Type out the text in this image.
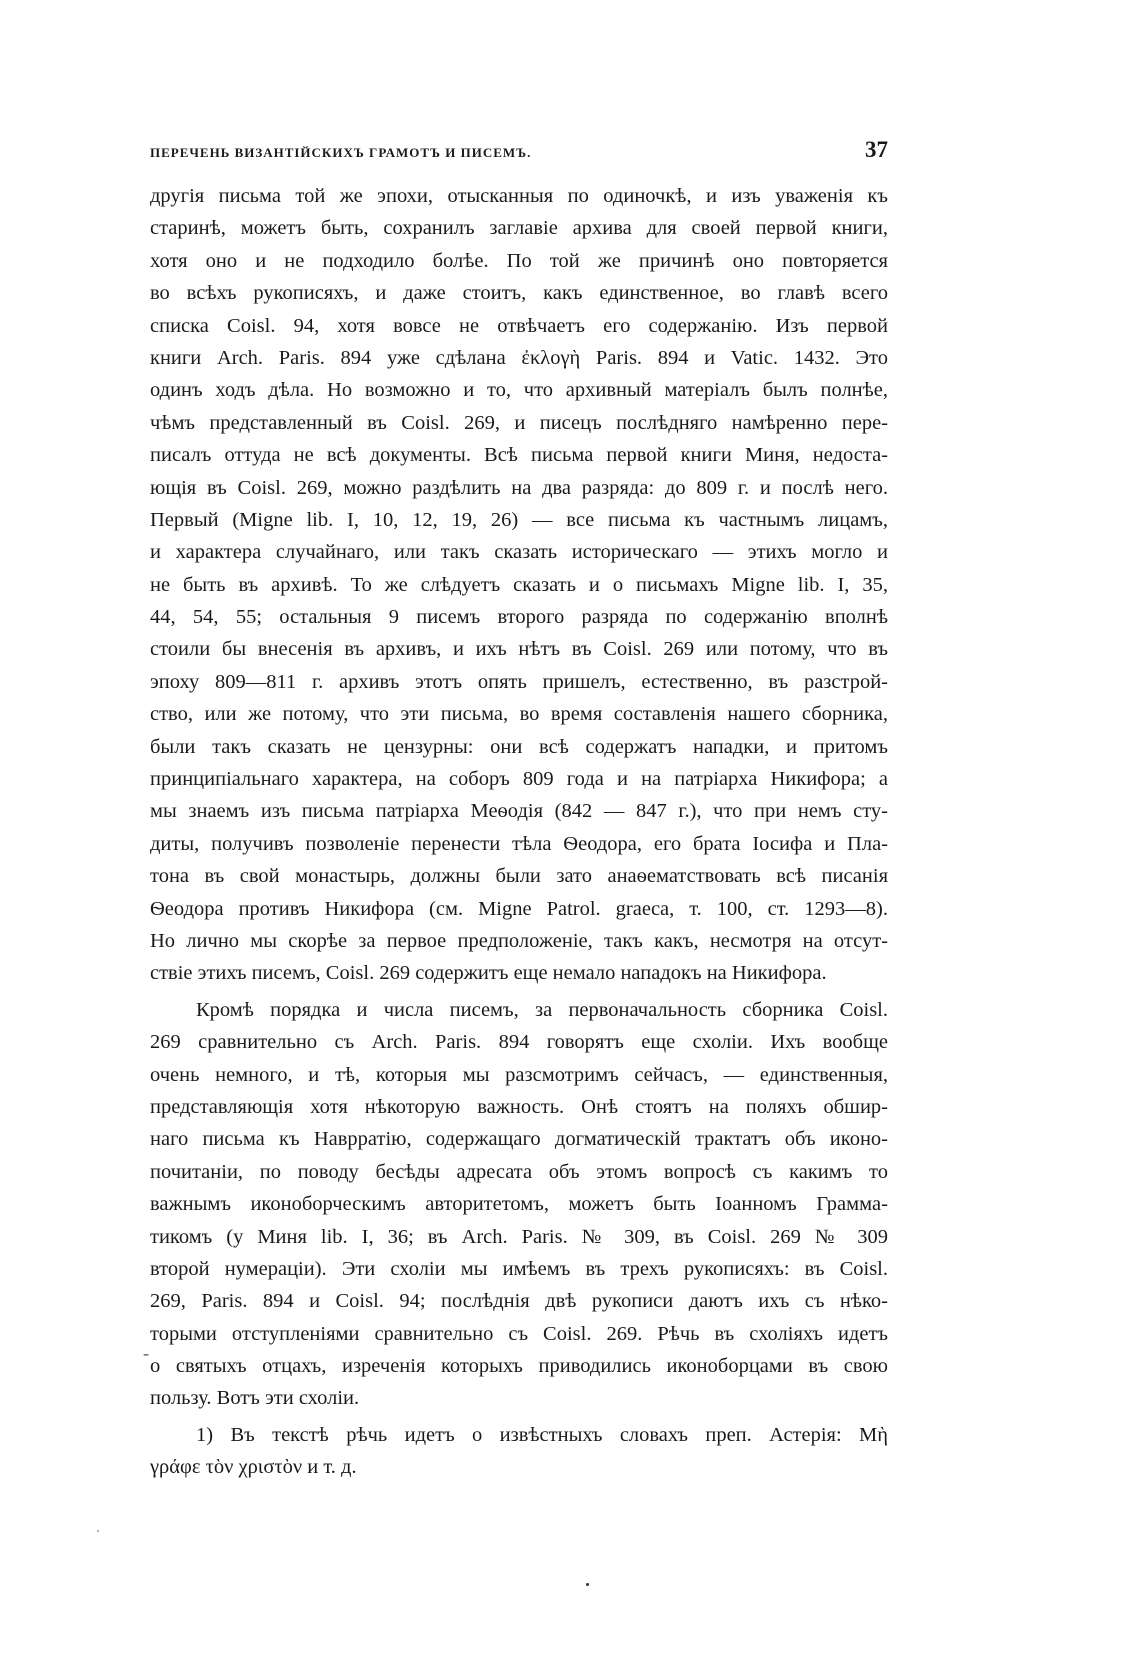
ПЕРЕЧЕНЬ ВИЗАНТІЙСКИХЪ ГРАМОТЪ И ПИСЕМЪ.	37
другія письма той же эпохи, отысканныя по одиночкѣ, и изъ уваженія къ
старинѣ, можетъ быть, сохранилъ заглавіе архива для своей первой книги,
хотя оно и не подходило болѣе. По той же причинѣ оно повторяется
во всѣхъ рукописяхъ, и даже стоитъ, какъ единственное, во главѣ всего
списка Coisl. 94, хотя вовсе не отвѣчаетъ его содержанію. Изъ первой
книги Arch. Paris. 894 уже сдѣлана ἐκλογὴ Paris. 894 и Vatic. 1432. Это
одинъ ходъ дѣла. Но возможно и то, что архивный матеріалъ былъ полнѣе,
чѣмъ представленный въ Coisl. 269, и писецъ послѣдняго намѣренно пере-
писалъ оттуда не всѣ документы. Всѣ письма первой книги Миня, недоста-
ющія въ Coisl. 269, можно раздѣлить на два разряда: до 809 г. и послѣ него.
Первый (Migne lib. I, 10, 12, 19, 26) — все письма къ частнымъ лицамъ,
и характера случайнаго, или такъ сказать историческаго — этихъ могло и
не быть въ архивѣ. То же слѣдуетъ сказать и о письмахъ Migne lib. I, 35,
44, 54, 55; остальныя 9 писемъ второго разряда по содержанію вполнѣ
стоили бы внесенія въ архивъ, и ихъ нѣтъ въ Coisl. 269 или потому, что въ
эпоху 809—811 г. архивъ этотъ опять пришелъ, естественно, въ разстрой-
ство, или же потому, что эти письма, во время составленія нашего сборника,
были такъ сказать не цензурны: они всѣ содержатъ нападки, и притомъ
принципіальнаго характера, на соборъ 809 года и на патріарха Никифора; а
мы знаемъ изъ письма патріарха Меѳодія (842 — 847 г.), что при немъ сту-
диты, получивъ позволеніе перенести тѣла Ѳеодора, его брата Іосифа и Пла-
тона въ свой монастырь, должны были зато анаѳематствовать всѣ писанія
Ѳеодора противъ Никифора (см. Migne Patrol. graeca, т. 100, ст. 1293—8).
Но лично мы скорѣе за первое предположеніе, такъ какъ, несмотря на отсут-
ствіе этихъ писемъ, Coisl. 269 содержитъ еще немало нападокъ на Никифора.
Кромѣ порядка и числа писемъ, за первоначальность сборника Coisl.
269 сравнительно съ Arch. Paris. 894 говорятъ еще схоліи. Ихъ вообще
очень немного, и тѣ, которыя мы разсмотримъ сейчасъ, — единственныя,
представляющія хотя нѣкоторую важность. Онѣ стоятъ на поляхъ обшир-
наго письма къ Наврратію, содержащаго догматическій трактатъ объ иконо-
почитаніи, по поводу бесѣды адресата объ этомъ вопросѣ съ какимъ то
важнымъ иконоборческимъ авторитетомъ, можетъ быть Іоанномъ Граммa-
тикомъ (у Миня lib. I, 36; въ Arch. Paris. № 309, въ Coisl. 269 № 309
второй нумераціи). Эти схоліи мы имѣемъ въ трехъ рукописяхъ: въ Coisl.
269, Paris. 894 и Coisl. 94; послѣднія двѣ рукописи даютъ ихъ съ нѣко-
торыми отступленіями сравнительно съ Coisl. 269. Рѣчь въ схоліяхъ идетъ
о святыхъ отцахъ, изреченія которыхъ приводились иконоборцами въ свою
пользу. Вотъ эти схоліи.
1) Въ текстѣ рѣчь идетъ о извѣстныхъ словахъ преп. Астерія: Μὴ
γράφε τὸν χριστὸν и т. д.
-
